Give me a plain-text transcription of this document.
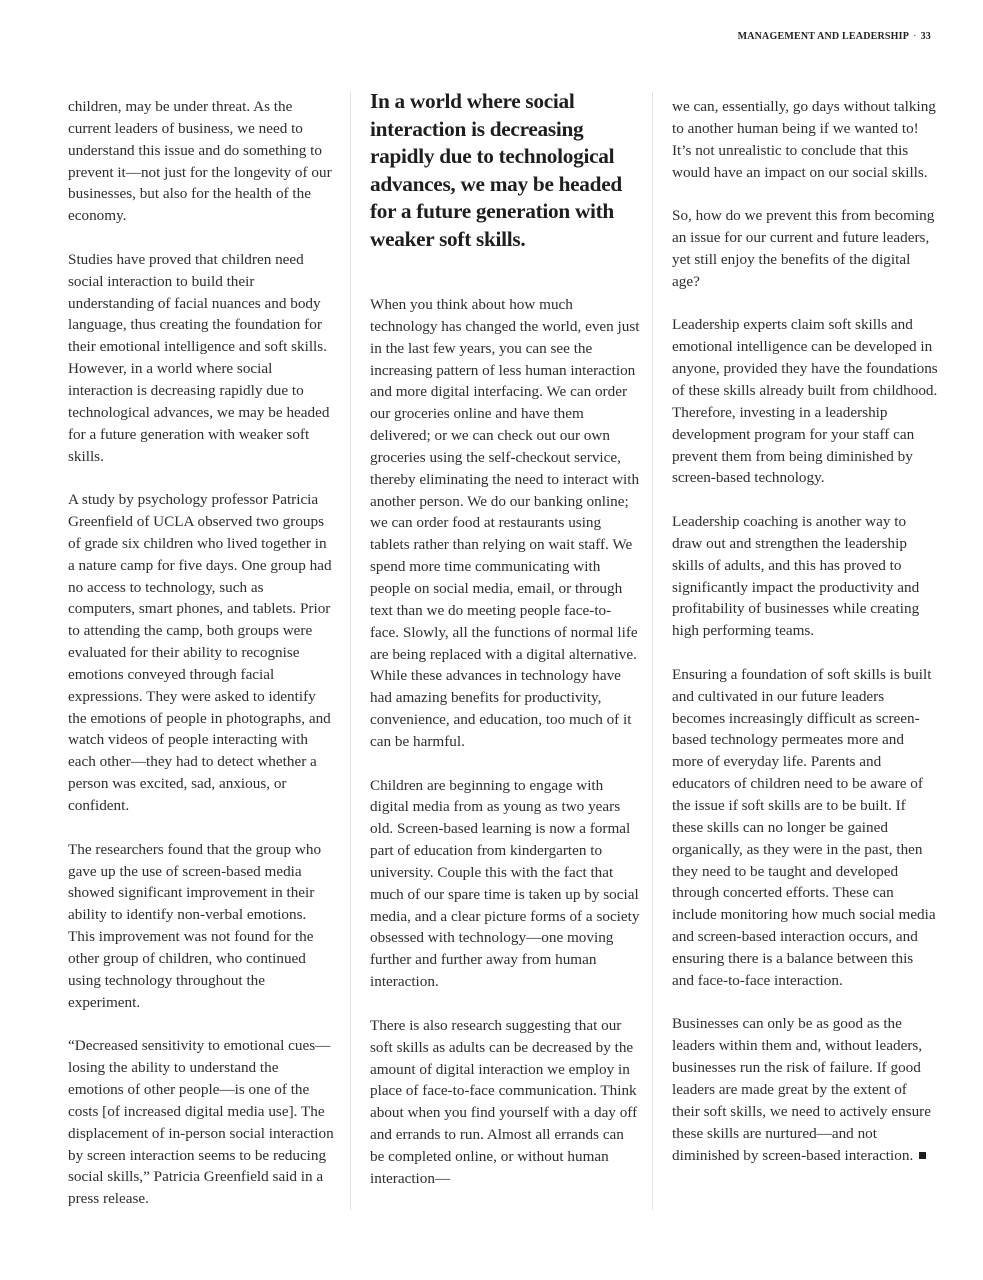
MANAGEMENT AND LEADERSHIP · 33

children, may be under threat. As the current leaders of business, we need to understand this issue and do something to prevent it—not just for the longevity of our businesses, but also for the health of the economy.

Studies have proved that children need social interaction to build their understanding of facial nuances and body language, thus creating the foundation for their emotional intelligence and soft skills. However, in a world where social interaction is decreasing rapidly due to technological advances, we may be headed for a future generation with weaker soft skills.

A study by psychology professor Patricia Greenfield of UCLA observed two groups of grade six children who lived together in a nature camp for five days. One group had no access to technology, such as computers, smart phones, and tablets. Prior to attending the camp, both groups were evaluated for their ability to recognise emotions conveyed through facial expressions. They were asked to identify the emotions of people in photographs, and watch videos of people interacting with each other—they had to detect whether a person was excited, sad, anxious, or confident.

The researchers found that the group who gave up the use of screen-based media showed significant improvement in their ability to identify non-verbal emotions. This improvement was not found for the other group of children, who continued using technology throughout the experiment.

“Decreased sensitivity to emotional cues—losing the ability to understand the emotions of other people—is one of the costs [of increased digital media use]. The displacement of in-person social interaction by screen interaction seems to be reducing social skills,” Patricia Greenfield said in a press release.

In a world where social interaction is decreasing rapidly due to technological advances, we may be headed for a future generation with weaker soft skills.

When you think about how much technology has changed the world, even just in the last few years, you can see the increasing pattern of less human interaction and more digital interfacing. We can order our groceries online and have them delivered; or we can check out our own groceries using the self-checkout service, thereby eliminating the need to interact with another person. We do our banking online; we can order food at restaurants using tablets rather than relying on wait staff. We spend more time communicating with people on social media, email, or through text than we do meeting people face-to-face. Slowly, all the functions of normal life are being replaced with a digital alternative. While these advances in technology have had amazing benefits for productivity, convenience, and education, too much of it can be harmful.

Children are beginning to engage with digital media from as young as two years old. Screen-based learning is now a formal part of education from kindergarten to university. Couple this with the fact that much of our spare time is taken up by social media, and a clear picture forms of a society obsessed with technology—one moving further and further away from human interaction.

There is also research suggesting that our soft skills as adults can be decreased by the amount of digital interaction we employ in place of face-to-face communication. Think about when you find yourself with a day off and errands to run. Almost all errands can be completed online, or without human interaction—

we can, essentially, go days without talking to another human being if we wanted to! It’s not unrealistic to conclude that this would have an impact on our social skills.

So, how do we prevent this from becoming an issue for our current and future leaders, yet still enjoy the benefits of the digital age?

Leadership experts claim soft skills and emotional intelligence can be developed in anyone, provided they have the foundations of these skills already built from childhood. Therefore, investing in a leadership development program for your staff can prevent them from being diminished by screen-based technology.

Leadership coaching is another way to draw out and strengthen the leadership skills of adults, and this has proved to significantly impact the productivity and profitability of businesses while creating high performing teams.

Ensuring a foundation of soft skills is built and cultivated in our future leaders becomes increasingly difficult as screen-based technology permeates more and more of everyday life. Parents and educators of children need to be aware of the issue if soft skills are to be built. If these skills can no longer be gained organically, as they were in the past, then they need to be taught and developed through concerted efforts. These can include monitoring how much social media and screen-based interaction occurs, and ensuring there is a balance between this and face-to-face interaction.

Businesses can only be as good as the leaders within them and, without leaders, businesses run the risk of failure. If good leaders are made great by the extent of their soft skills, we need to actively ensure these skills are nurtured—and not diminished by screen-based interaction.
